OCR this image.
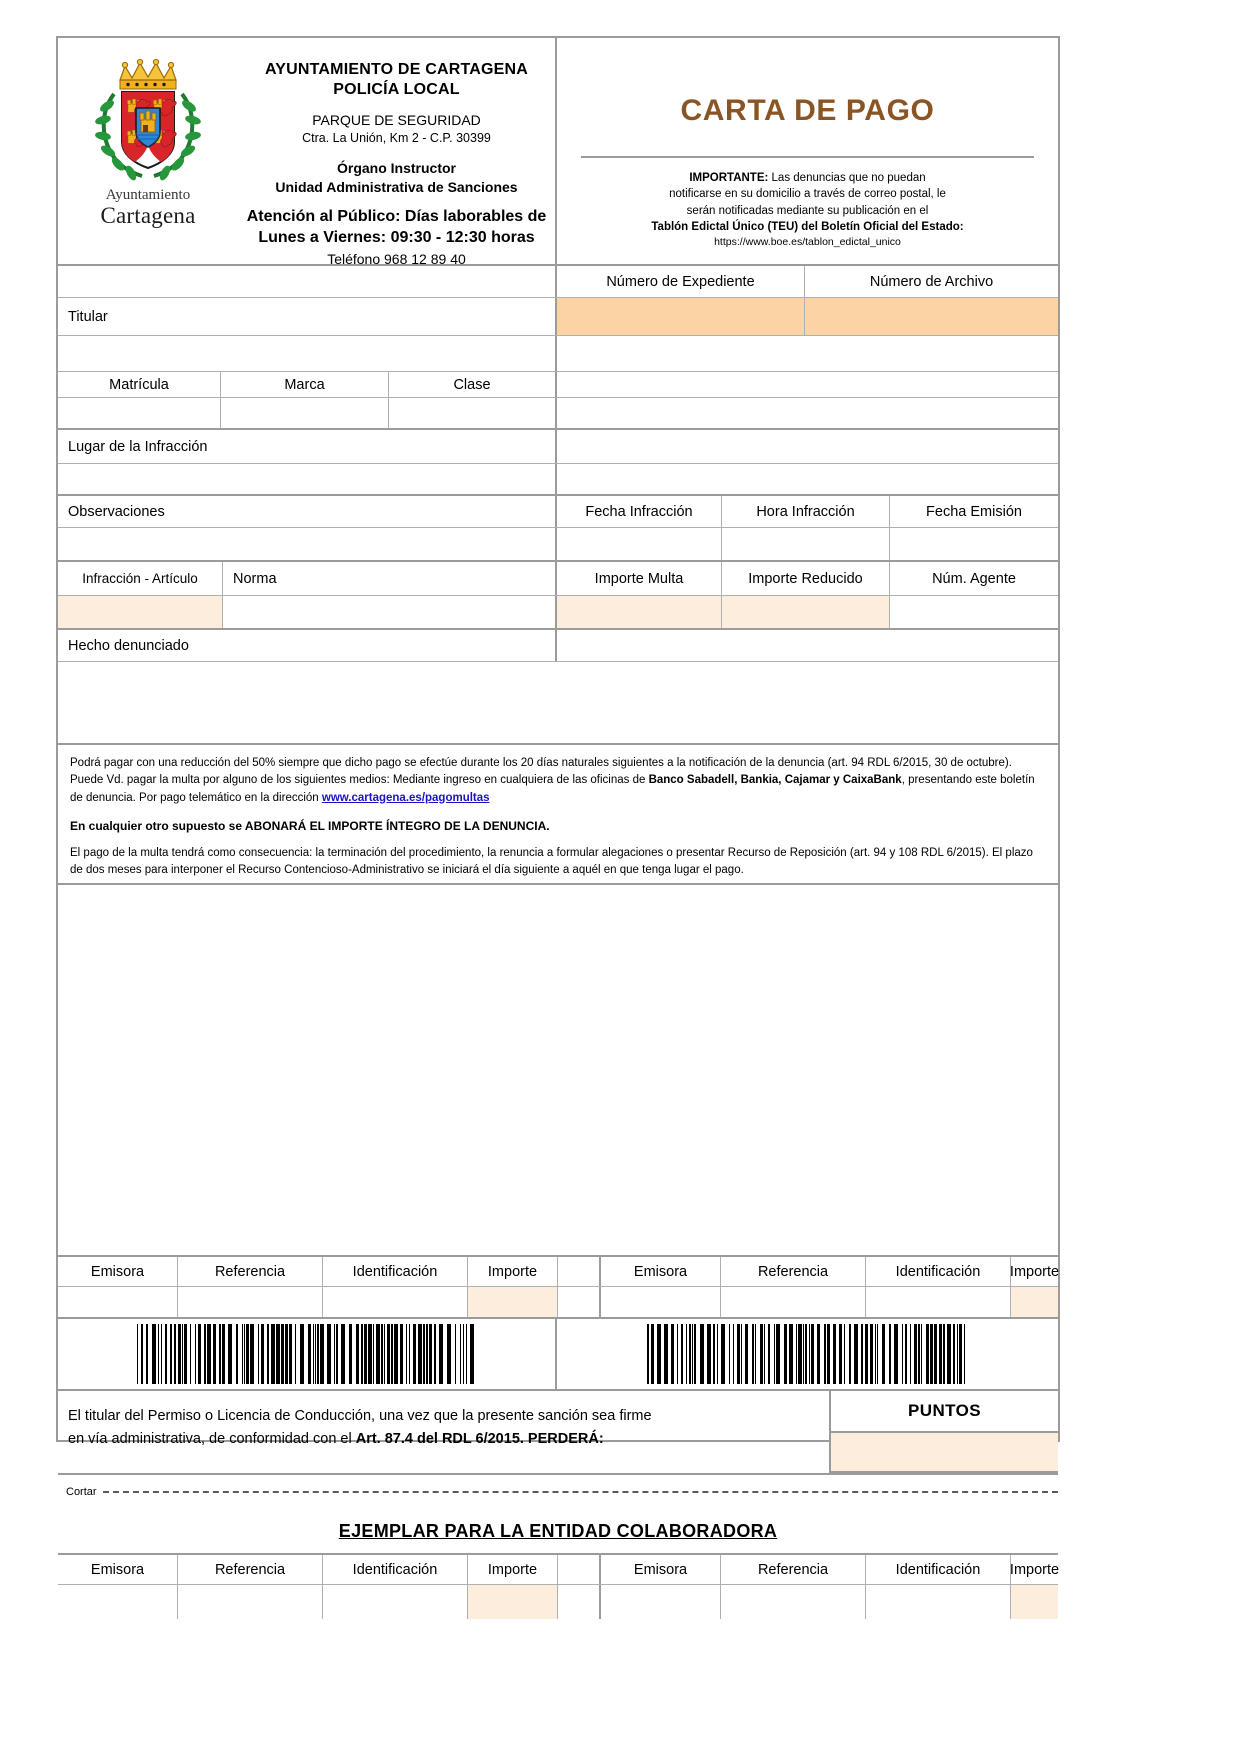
Ayuntamiento
Cartagena
AYUNTAMIENTO DE CARTAGENA
POLICÍA LOCAL
PARQUE DE SEGURIDAD
Ctra. La Unión, Km 2 - C.P. 30399
Órgano Instructor
Unidad Administrativa de Sanciones
Atención al Público: Días laborables de
Lunes a Viernes: 09:30 - 12:30 horas
Teléfono 968 12 89 40
CARTA DE PAGO
IMPORTANTE: Las denuncias que no puedan
notificarse en su domicilio a través de correo postal, le
serán notificadas mediante su publicación en el
Tablón Edictal Único (TEU) del Boletín Oficial del Estado:
https://www.boe.es/tablon_edictal_unico
Número de Expediente	Número de Archivo
Titular
Matrícula	Marca	Clase
Lugar de la Infracción
Observaciones	Fecha Infracción	Hora Infracción	Fecha Emisión
Infracción - Artículo	Norma	Importe Multa	Importe Reducido	Núm. Agente
Hecho denunciado

Podrá pagar con una reducción del 50% siempre que dicho pago se efectúe durante los 20 días naturales siguientes a la notificación de la denuncia (art. 94 RDL 6/2015, 30 de octubre).
Puede Vd. pagar la multa por alguno de los siguientes medios: Mediante ingreso en cualquiera de las oficinas de Banco Sabadell, Bankia, Cajamar y CaixaBank, presentando este boletín de denuncia. Por pago telemático en la dirección www.cartagena.es/pagomultas

En cualquier otro supuesto se ABONARÁ EL IMPORTE ÍNTEGRO DE LA DENUNCIA.

El pago de la multa tendrá como consecuencia: la terminación del procedimiento, la renuncia a formular alegaciones o presentar Recurso de Reposición (art. 94 y 108 RDL 6/2015). El plazo de dos meses para interponer el Recurso Contencioso-Administrativo se iniciará el día siguiente a aquél en que tenga lugar el pago.

Emisora	Referencia	Identificación	Importe	Emisora	Referencia	Identificación	Importe
El titular del Permiso o Licencia de Conducción, una vez que la presente sanción sea firme
en vía administrativa, de conformidad con el Art. 87.4 del RDL 6/2015. PERDERÁ:
PUNTOS
Cortar
EJEMPLAR PARA LA ENTIDAD COLABORADORA
Emisora	Referencia	Identificación	Importe	Emisora	Referencia	Identificación	Importe
